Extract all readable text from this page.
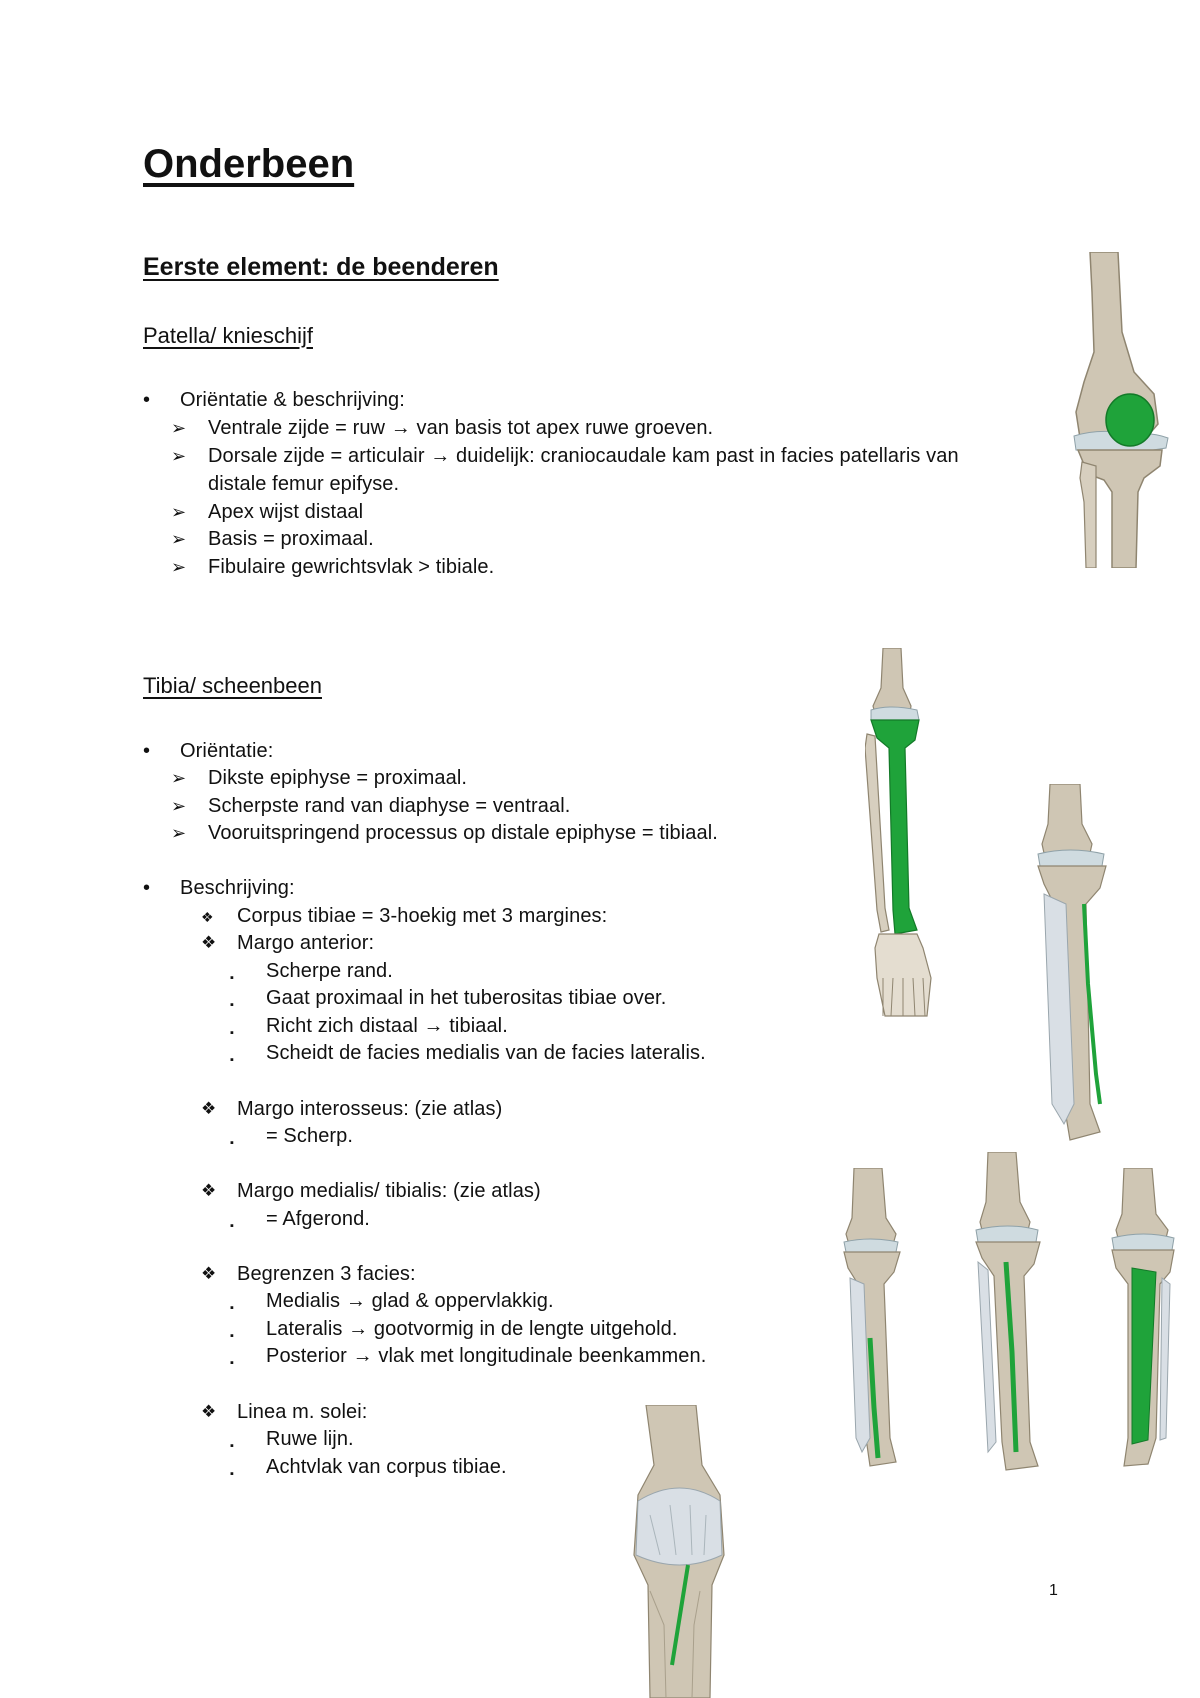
Onderbeen
Eerste element: de beenderen
Patella/ knieschijf
• Oriëntatie & beschrijving:
➢ Ventrale zijde = ruw → van basis tot apex ruwe groeven.
➢ Dorsale zijde = articulair → duidelijk: craniocaudale kam past in facies patellaris van
distale femur epifyse.
➢ Apex wijst distaal
➢ Basis = proximaal.
➢ Fibulaire gewrichtsvlak > tibiale.
Tibia/ scheenbeen
• Oriëntatie:
➢ Dikste epiphyse = proximaal.
➢ Scherpste rand van diaphyse = ventraal.
➢ Vooruitspringend processus op distale epiphyse = tibiaal.
• Beschrijving:
❖ Corpus tibiae = 3-hoekig met 3 margines:
❖ Margo anterior:
▪ Scherpe rand.
▪ Gaat proximaal in het tuberositas tibiae over.
▪ Richt zich distaal → tibiaal.
▪ Scheidt de facies medialis van de facies lateralis.
❖ Margo interosseus: (zie atlas)
▪ = Scherp.
❖ Margo medialis/ tibialis: (zie atlas)
▪ = Afgerond.
❖ Begrenzen 3 facies:
▪ Medialis → glad & oppervlakkig.
▪ Lateralis → gootvormig in de lengte uitgehold.
▪ Posterior → vlak met longitudinale beenkammen.
❖ Linea m. solei:
▪ Ruwe lijn.
▪ Achtvlak van corpus tibiae.
1
